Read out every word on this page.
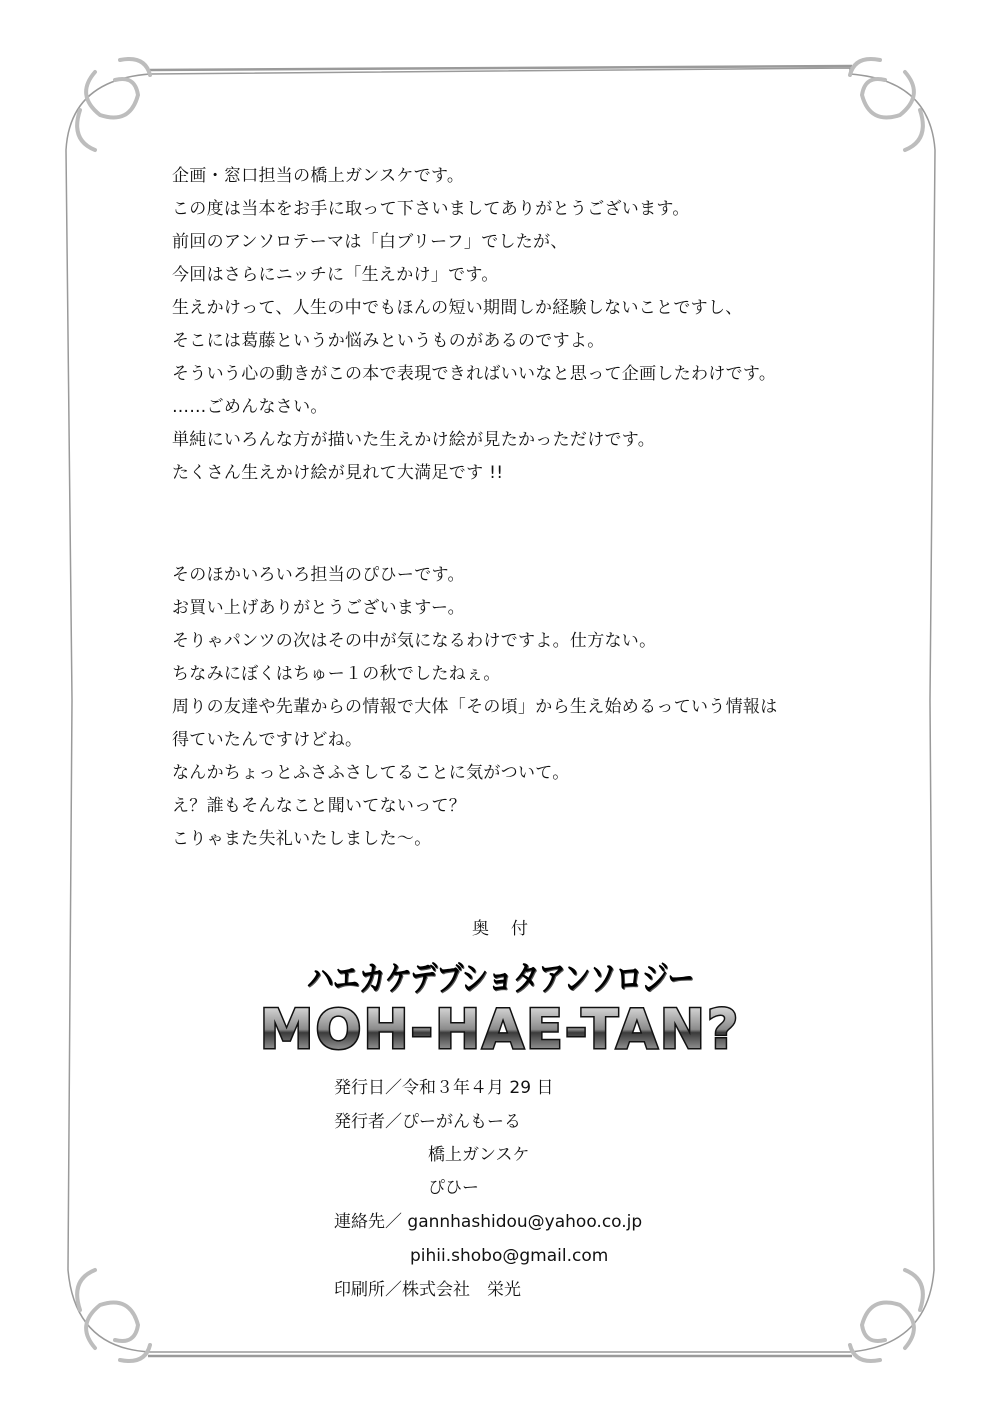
企画・窓口担当の橋上ガンスケです。
この度は当本をお手に取って下さいましてありがとうございます。
前回のアンソロテーマは「白ブリーフ」でしたが、
今回はさらにニッチに「生えかけ」です。
生えかけって、人生の中でもほんの短い期間しか経験しないことですし、
そこには葛藤というか悩みというものがあるのですよ。
そういう心の動きがこの本で表現できればいいなと思って企画したわけです。
……ごめんなさい。
単純にいろんな方が描いた生えかけ絵が見たかっただけです。
たくさん生えかけ絵が見れて大満足です !!
そのほかいろいろ担当のぴひーです。
お買い上げありがとうございますー。
そりゃパンツの次はその中が気になるわけですよ。仕方ない。
ちなみにぼくはちゅー１の秋でしたねぇ。
周りの友達や先輩からの情報で大体「その頃」から生え始めるっていう情報は
得ていたんですけどね。
なんかちょっとふさふさしてることに気がついて。
え？誰もそんなこと聞いてないって？
こりゃまた失礼いたしました〜。
奥付
ハエカケデブショタアンソロジー
MOH-HAE-TAN?
発行日／令和３年４月 29 日
発行者／ぴーがんもーる
橋上ガンスケ
ぴひー
連絡先／ gannhashidou@yahoo.co.jp
pihii.shobo@gmail.com
印刷所／株式会社　栄光
